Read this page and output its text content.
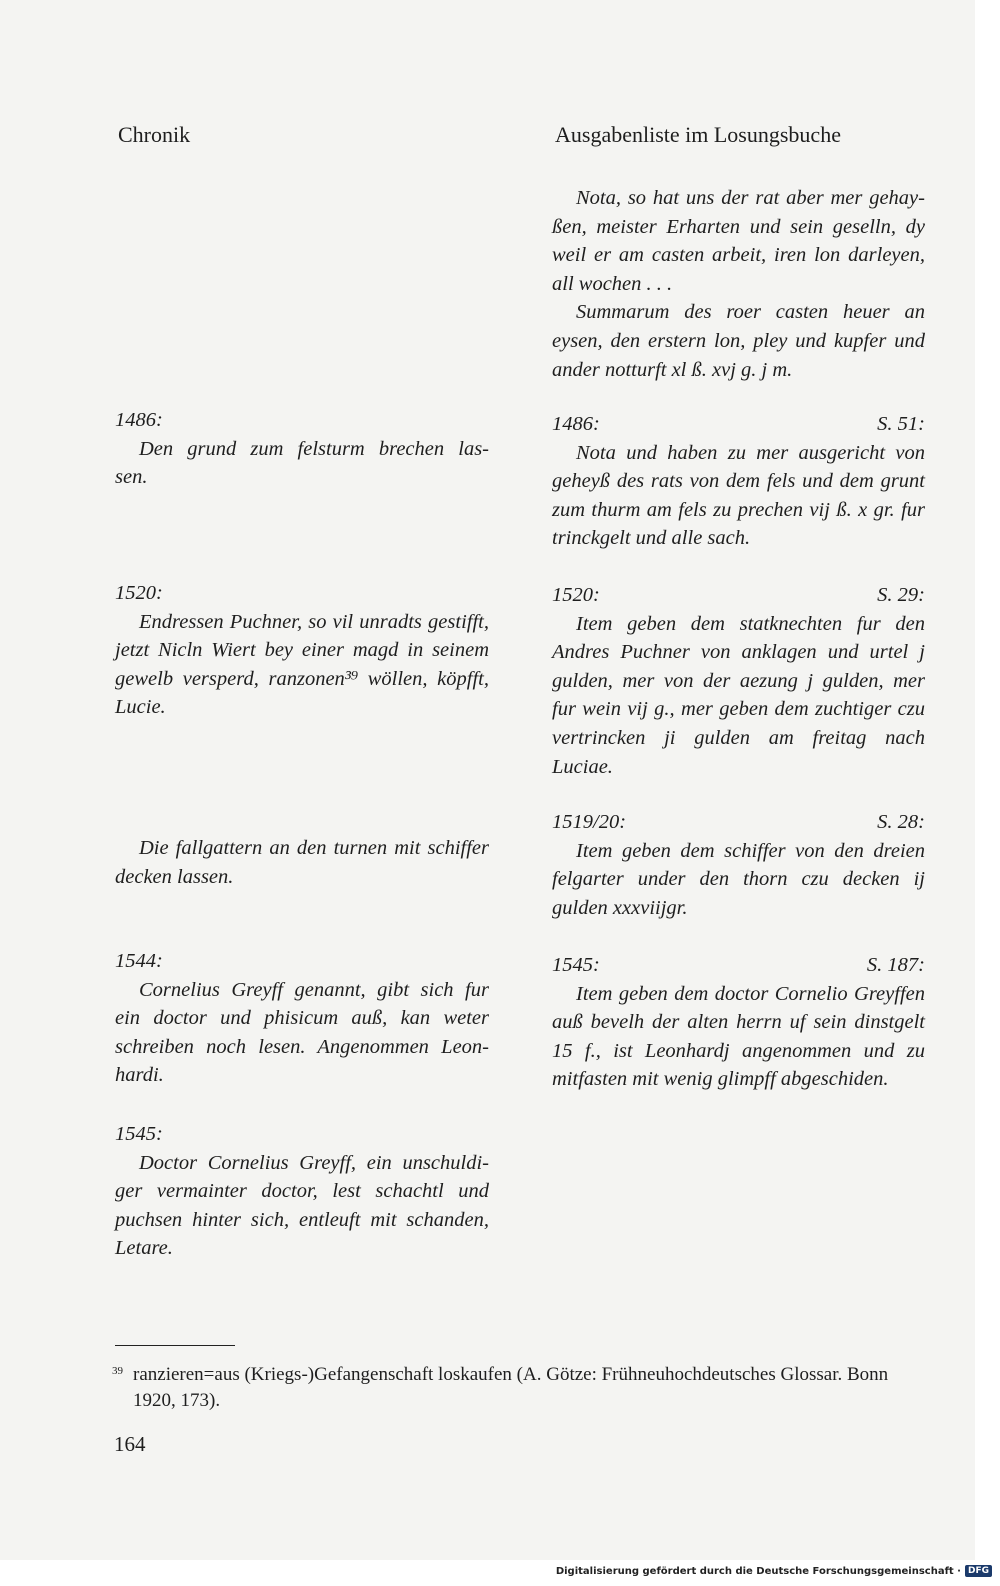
Chronik	Ausgabenliste im Losungsbuche
Nota, so hat uns der rat aber mer gehay-
ßen, meister Erharten und sein geselln, dy
weil er am casten arbeit, iren lon darleyen,
all wochen . . .
Summarum des roer casten heuer an
eysen, den erstern lon, pley und kupfer und
ander notturft xl ß. xvj g. j m.
1486:
Den grund zum felsturm brechen las-
sen.
1520:
Endressen Puchner, so vil unradts gestifft,
jetzt Nicln Wiert bey einer magd in seinem
gewelb versperd, ranzonen³⁹ wöllen, köpfft,
Lucie.
Die fallgattern an den turnen mit schiffer
decken lassen.
1544:
Cornelius Greyff genannt, gibt sich fur
ein doctor und phisicum auß, kan weter
schreiben noch lesen. Angenommen Leon-
hardi.
1545:
Doctor Cornelius Greyff, ein unschuldi-
ger vermainter doctor, lest schachtl und
puchsen hinter sich, entleuft mit schanden,
Letare.
1486:	S. 51:
Nota und haben zu mer ausgericht von
geheyß des rats von dem fels und dem grunt
zum thurm am fels zu prechen vij ß. x gr. fur
trinckgelt und alle sach.
1520:	S. 29:
Item geben dem statknechten fur den
Andres Puchner von anklagen und urtel j
gulden, mer von der aezung j gulden, mer
fur wein vij g., mer geben dem zuchtiger czu
vertrincken ji gulden am freitag nach
Luciae.
1519/20:	S. 28:
Item geben dem schiffer von den dreien
felgarter under den thorn czu decken ij
gulden xxxviijgr.
1545:	S. 187:
Item geben dem doctor Cornelio Greyffen
auß bevelh der alten herrn uf sein dinstgelt
15 f., ist Leonhardj angenommen und zu
mitfasten mit wenig glimpff abgeschiden.
$^{39}$ ranzieren=aus (Kriegs-)Gefangenschaft loskaufen (A. Götze: Frühneuhochdeutsches Glossar. Bonn
1920, 173).
164
Digitalisierung gefördert durch die Deutsche Forschungsgemeinschaft · DFG
